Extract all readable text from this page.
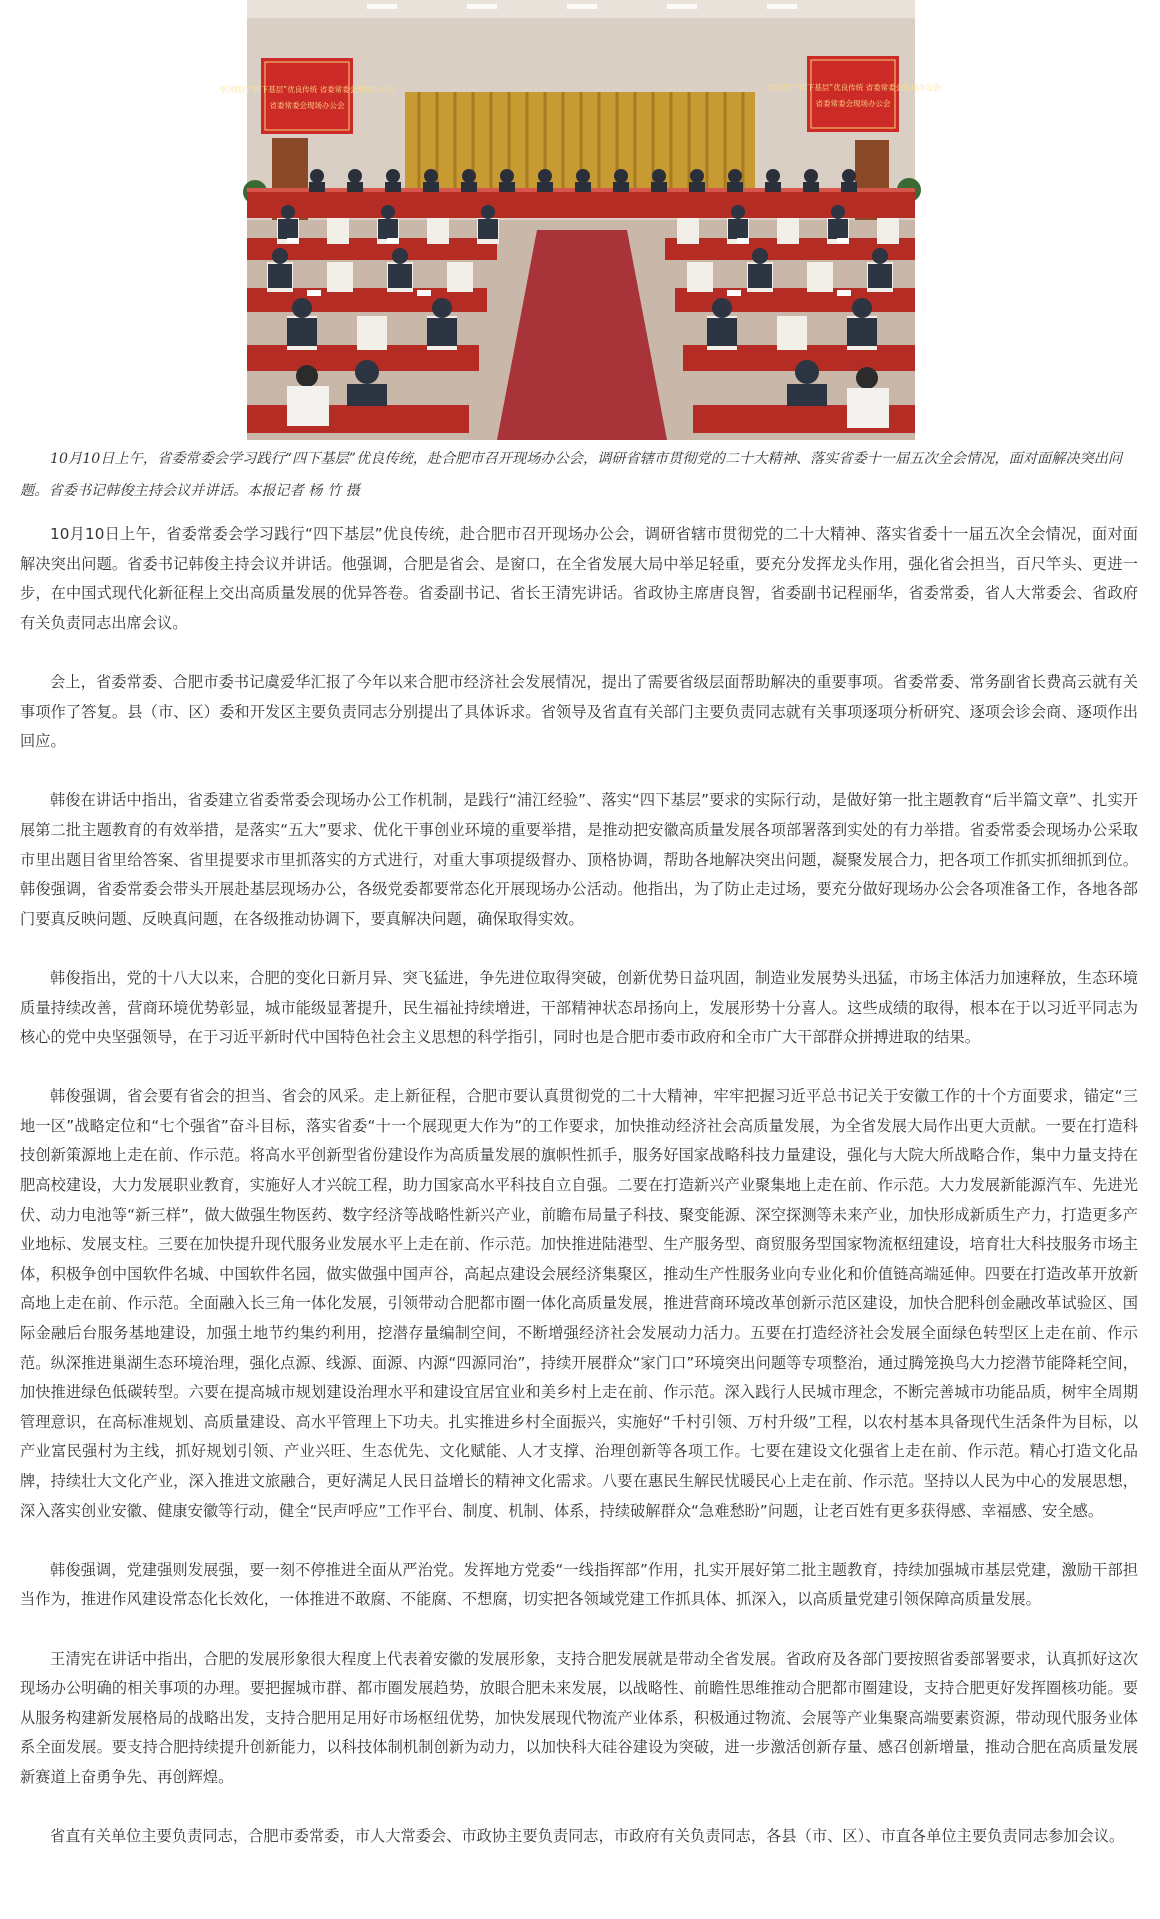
学习践行“四下基层”优良传统 省委常委会现场办公会
省委常委会现场办公会
学习践行“四下基层”优良传统 省委常委会现场办公会
省委常委会现场办公会
10月10日上午，省委常委会学习践行“四下基层”优良传统，赴合肥市召开现场办公会，调研省辖市贯彻党的二十大精神、落实省委十一届五次全会情况，面对面解决突出问题。省委书记韩俊主持会议并讲话。本报记者 杨 竹 摄

10月10日上午，省委常委会学习践行“四下基层”优良传统，赴合肥市召开现场办公会，调研省辖市贯彻党的二十大精神、落实省委十一届五次全会情况，面对面解决突出问题。省委书记韩俊主持会议并讲话。他强调，合肥是省会、是窗口，在全省发展大局中举足轻重，要充分发挥龙头作用，强化省会担当，百尺竿头、更进一步，在中国式现代化新征程上交出高质量发展的优异答卷。省委副书记、省长王清宪讲话。省政协主席唐良智，省委副书记程丽华，省委常委，省人大常委会、省政府有关负责同志出席会议。

会上，省委常委、合肥市委书记虞爱华汇报了今年以来合肥市经济社会发展情况，提出了需要省级层面帮助解决的重要事项。省委常委、常务副省长费高云就有关事项作了答复。县（市、区）委和开发区主要负责同志分别提出了具体诉求。省领导及省直有关部门主要负责同志就有关事项逐项分析研究、逐项会诊会商、逐项作出回应。

韩俊在讲话中指出，省委建立省委常委会现场办公工作机制，是践行“浦江经验”、落实“四下基层”要求的实际行动，是做好第一批主题教育“后半篇文章”、扎实开展第二批主题教育的有效举措，是落实“五大”要求、优化干事创业环境的重要举措，是推动把安徽高质量发展各项部署落到实处的有力举措。省委常委会现场办公采取市里出题目省里给答案、省里提要求市里抓落实的方式进行，对重大事项提级督办、顶格协调，帮助各地解决突出问题，凝聚发展合力，把各项工作抓实抓细抓到位。韩俊强调，省委常委会带头开展赴基层现场办公，各级党委都要常态化开展现场办公活动。他指出，为了防止走过场，要充分做好现场办公会各项准备工作，各地各部门要真反映问题、反映真问题，在各级推动协调下，要真解决问题，确保取得实效。

韩俊指出，党的十八大以来，合肥的变化日新月异、突飞猛进，争先进位取得突破，创新优势日益巩固，制造业发展势头迅猛，市场主体活力加速释放，生态环境质量持续改善，营商环境优势彰显，城市能级显著提升，民生福祉持续增进，干部精神状态昂扬向上，发展形势十分喜人。这些成绩的取得，根本在于以习近平同志为核心的党中央坚强领导，在于习近平新时代中国特色社会主义思想的科学指引，同时也是合肥市委市政府和全市广大干部群众拼搏进取的结果。

韩俊强调，省会要有省会的担当、省会的风采。走上新征程，合肥市要认真贯彻党的二十大精神，牢牢把握习近平总书记关于安徽工作的十个方面要求，锚定“三地一区”战略定位和“七个强省”奋斗目标，落实省委“十一个展现更大作为”的工作要求，加快推动经济社会高质量发展，为全省发展大局作出更大贡献。一要在打造科技创新策源地上走在前、作示范。将高水平创新型省份建设作为高质量发展的旗帜性抓手，服务好国家战略科技力量建设，强化与大院大所战略合作，集中力量支持在肥高校建设，大力发展职业教育，实施好人才兴皖工程，助力国家高水平科技自立自强。二要在打造新兴产业聚集地上走在前、作示范。大力发展新能源汽车、先进光伏、动力电池等“新三样”，做大做强生物医药、数字经济等战略性新兴产业，前瞻布局量子科技、聚变能源、深空探测等未来产业，加快形成新质生产力，打造更多产业地标、发展支柱。三要在加快提升现代服务业发展水平上走在前、作示范。加快推进陆港型、生产服务型、商贸服务型国家物流枢纽建设，培育壮大科技服务市场主体，积极争创中国软件名城、中国软件名园，做实做强中国声谷，高起点建设会展经济集聚区，推动生产性服务业向专业化和价值链高端延伸。四要在打造改革开放新高地上走在前、作示范。全面融入长三角一体化发展，引领带动合肥都市圈一体化高质量发展，推进营商环境改革创新示范区建设，加快合肥科创金融改革试验区、国际金融后台服务基地建设，加强土地节约集约利用，挖潜存量编制空间，不断增强经济社会发展动力活力。五要在打造经济社会发展全面绿色转型区上走在前、作示范。纵深推进巢湖生态环境治理，强化点源、线源、面源、内源“四源同治”，持续开展群众“家门口”环境突出问题等专项整治，通过腾笼换鸟大力挖潜节能降耗空间，加快推进绿色低碳转型。六要在提高城市规划建设治理水平和建设宜居宜业和美乡村上走在前、作示范。深入践行人民城市理念，不断完善城市功能品质，树牢全周期管理意识，在高标准规划、高质量建设、高水平管理上下功夫。扎实推进乡村全面振兴，实施好“千村引领、万村升级”工程，以农村基本具备现代生活条件为目标，以产业富民强村为主线，抓好规划引领、产业兴旺、生态优先、文化赋能、人才支撑、治理创新等各项工作。七要在建设文化强省上走在前、作示范。精心打造文化品牌，持续壮大文化产业，深入推进文旅融合，更好满足人民日益增长的精神文化需求。八要在惠民生解民忧暖民心上走在前、作示范。坚持以人民为中心的发展思想，深入落实创业安徽、健康安徽等行动，健全“民声呼应”工作平台、制度、机制、体系，持续破解群众“急难愁盼”问题，让老百姓有更多获得感、幸福感、安全感。

韩俊强调，党建强则发展强，要一刻不停推进全面从严治党。发挥地方党委“一线指挥部”作用，扎实开展好第二批主题教育，持续加强城市基层党建，激励干部担当作为，推进作风建设常态化长效化，一体推进不敢腐、不能腐、不想腐，切实把各领域党建工作抓具体、抓深入，以高质量党建引领保障高质量发展。

王清宪在讲话中指出，合肥的发展形象很大程度上代表着安徽的发展形象，支持合肥发展就是带动全省发展。省政府及各部门要按照省委部署要求，认真抓好这次现场办公明确的相关事项的办理。要把握城市群、都市圈发展趋势，放眼合肥未来发展，以战略性、前瞻性思维推动合肥都市圈建设，支持合肥更好发挥圈核功能。要从服务构建新发展格局的战略出发，支持合肥用足用好市场枢纽优势，加快发展现代物流产业体系，积极通过物流、会展等产业集聚高端要素资源，带动现代服务业体系全面发展。要支持合肥持续提升创新能力，以科技体制机制创新为动力，以加快科大硅谷建设为突破，进一步激活创新存量、感召创新增量，推动合肥在高质量发展新赛道上奋勇争先、再创辉煌。

省直有关单位主要负责同志，合肥市委常委，市人大常委会、市政协主要负责同志，市政府有关负责同志，各县（市、区）、市直各单位主要负责同志参加会议。
